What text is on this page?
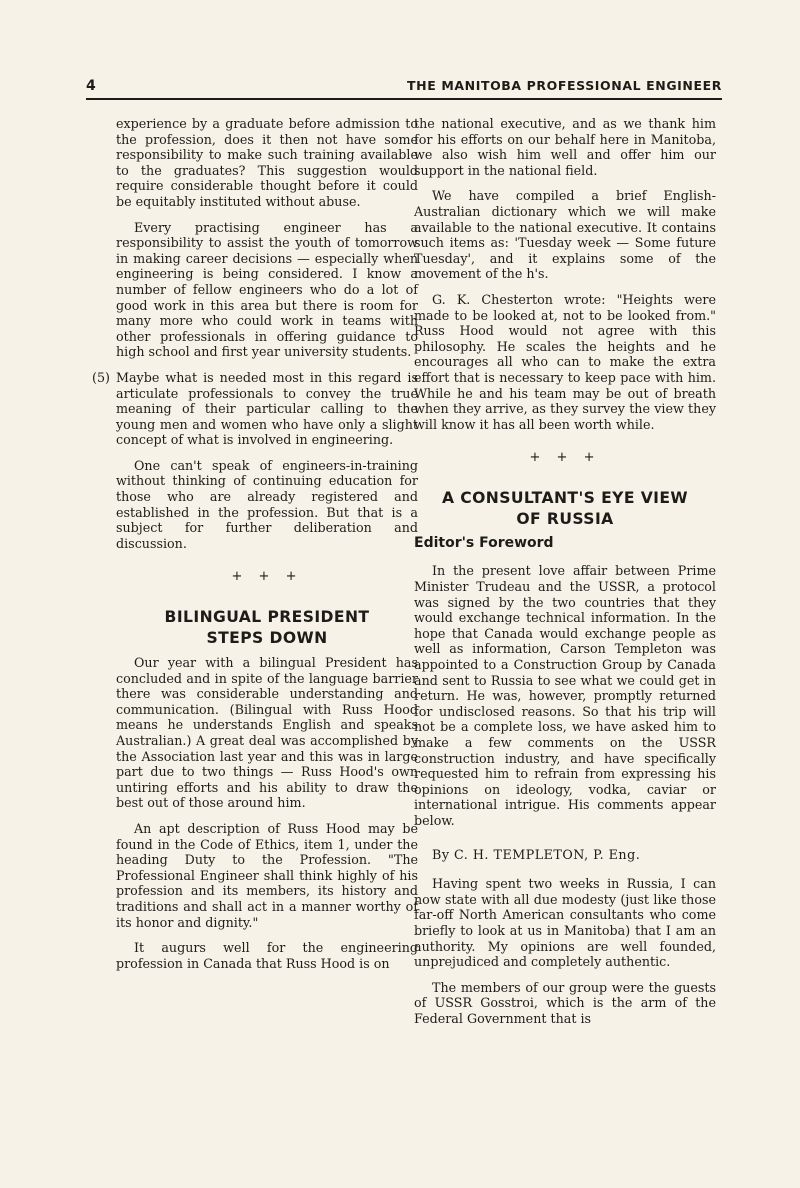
4	THE MANITOBA PROFESSIONAL ENGINEER

experience by a graduate before admission to the profession, does it then not have some responsibility to make such training available to the graduates? This suggestion would require considerable thought before it could be equitably instituted without abuse.

Every practising engineer has a responsibility to assist the youth of tomorrow in making career decisions — especially when engineering is being considered. I know a number of fellow engineers who do a lot of good work in this area but there is room for many more who could work in teams with other professionals in offering guidance to high school and first year university students.

(5) Maybe what is needed most in this regard is articulate professionals to convey the true meaning of their particular calling to the young men and women who have only a slight concept of what is involved in engineering.

One can't speak of engineers-in-training without thinking of continuing education for those who are already registered and established in the profession. But that is a subject for further deliberation and discussion.

+ + +
BILINGUAL PRESIDENT
STEPS DOWN

Our year with a bilingual President has concluded and in spite of the language barrier there was considerable understanding and communication. (Bilingual with Russ Hood means he understands English and speaks Australian.) A great deal was accomplished by the Association last year and this was in large part due to two things — Russ Hood's own untiring efforts and his ability to draw the best out of those around him.

An apt description of Russ Hood may be found in the Code of Ethics, item 1, under the heading Duty to the Profession. "The Professional Engineer shall think highly of his profession and its members, its history and traditions and shall act in a manner worthy of its honor and dignity."

It augurs well for the engineering profession in Canada that Russ Hood is on

the national executive, and as we thank him for his efforts on our behalf here in Manitoba, we also wish him well and offer him our support in the national field.

We have compiled a brief English-Australian dictionary which we will make available to the national executive. It contains such items as: 'Tuesday week — Some future Tuesday', and it explains some of the movement of the h's.

G. K. Chesterton wrote: "Heights were made to be looked at, not to be looked from." Russ Hood would not agree with this philosophy. He scales the heights and he encourages all who can to make the extra effort that is necessary to keep pace with him. While he and his team may be out of breath when they arrive, as they survey the view they will know it has all been worth while.

+ + +
A CONSULTANT'S EYE VIEW
OF RUSSIA
Editor's Foreword

In the present love affair between Prime Minister Trudeau and the USSR, a protocol was signed by the two countries that they would exchange technical information. In the hope that Canada would exchange people as well as information, Carson Templeton was appointed to a Construction Group by Canada and sent to Russia to see what we could get in return. He was, however, promptly returned for undisclosed reasons. So that his trip will not be a complete loss, we have asked him to make a few comments on the USSR construction industry, and have specifically requested him to refrain from expressing his opinions on ideology, vodka, caviar or international intrigue. His comments appear below.

By C. H. TEMPLETON, P. Eng.

Having spent two weeks in Russia, I can now state with all due modesty (just like those far-off North American consultants who come briefly to look at us in Manitoba) that I am an authority. My opinions are well founded, unprejudiced and completely authentic.

The members of our group were the guests of USSR Gosstroi, which is the arm of the Federal Government that is
